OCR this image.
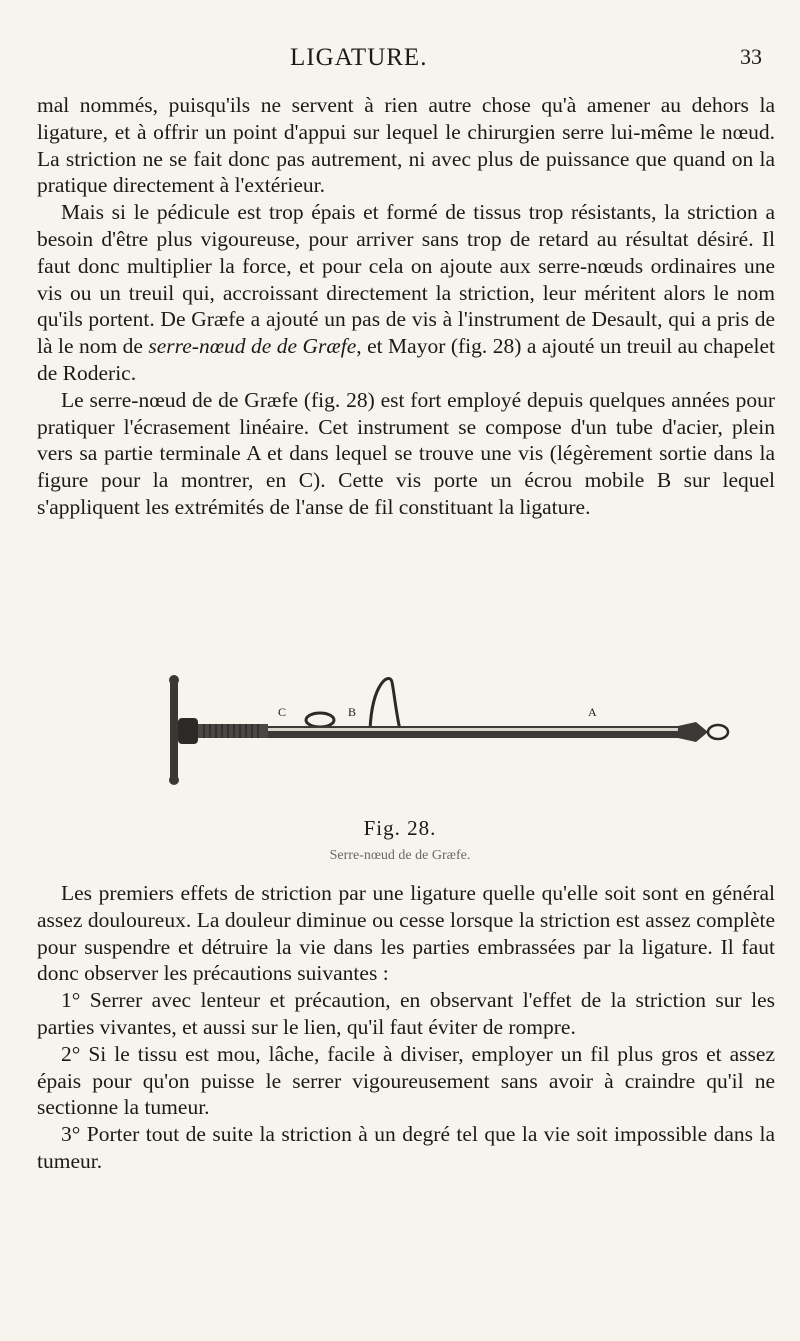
LIGATURE.	33

mal nommés, puisqu'ils ne servent à rien autre chose qu'à amener au dehors la ligature, et à offrir un point d'appui sur lequel le chirurgien serre lui-même le nœud. La striction ne se fait donc pas autrement, ni avec plus de puissance que quand on la pratique directement à l'extérieur.

Mais si le pédicule est trop épais et formé de tissus trop résistants, la striction a besoin d'être plus vigoureuse, pour arriver sans trop de retard au résultat désiré. Il faut donc multiplier la force, et pour cela on ajoute aux serre-nœuds ordinaires une vis ou un treuil qui, accroissant directement la striction, leur méritent alors le nom qu'ils portent. De Græfe a ajouté un pas de vis à l'instrument de Desault, qui a pris de là le nom de serre-nœud de de Græfe, et Mayor (fig. 28) a ajouté un treuil au chapelet de Roderic.

Le serre-nœud de de Græfe (fig. 28) est fort employé depuis quelques années pour pratiquer l'écrasement linéaire. Cet instrument se compose d'un tube d'acier, plein vers sa partie terminale A et dans lequel se trouve une vis (légèrement sortie dans la figure pour la montrer, en C). Cette vis porte un écrou mobile B sur lequel s'appliquent les extrémités de l'anse de fil constituant la ligature.

C	B	A
Fig. 28.
Serre-nœud de de Græfe.

Les premiers effets de striction par une ligature quelle qu'elle soit sont en général assez douloureux. La douleur diminue ou cesse lorsque la striction est assez complète pour suspendre et détruire la vie dans les parties embrassées par la ligature. Il faut donc observer les précautions suivantes :

1° Serrer avec lenteur et précaution, en observant l'effet de la striction sur les parties vivantes, et aussi sur le lien, qu'il faut éviter de rompre.

2° Si le tissu est mou, lâche, facile à diviser, employer un fil plus gros et assez épais pour qu'on puisse le serrer vigoureusement sans avoir à craindre qu'il ne sectionne la tumeur.

3° Porter tout de suite la striction à un degré tel que la vie soit impossible dans la tumeur.
